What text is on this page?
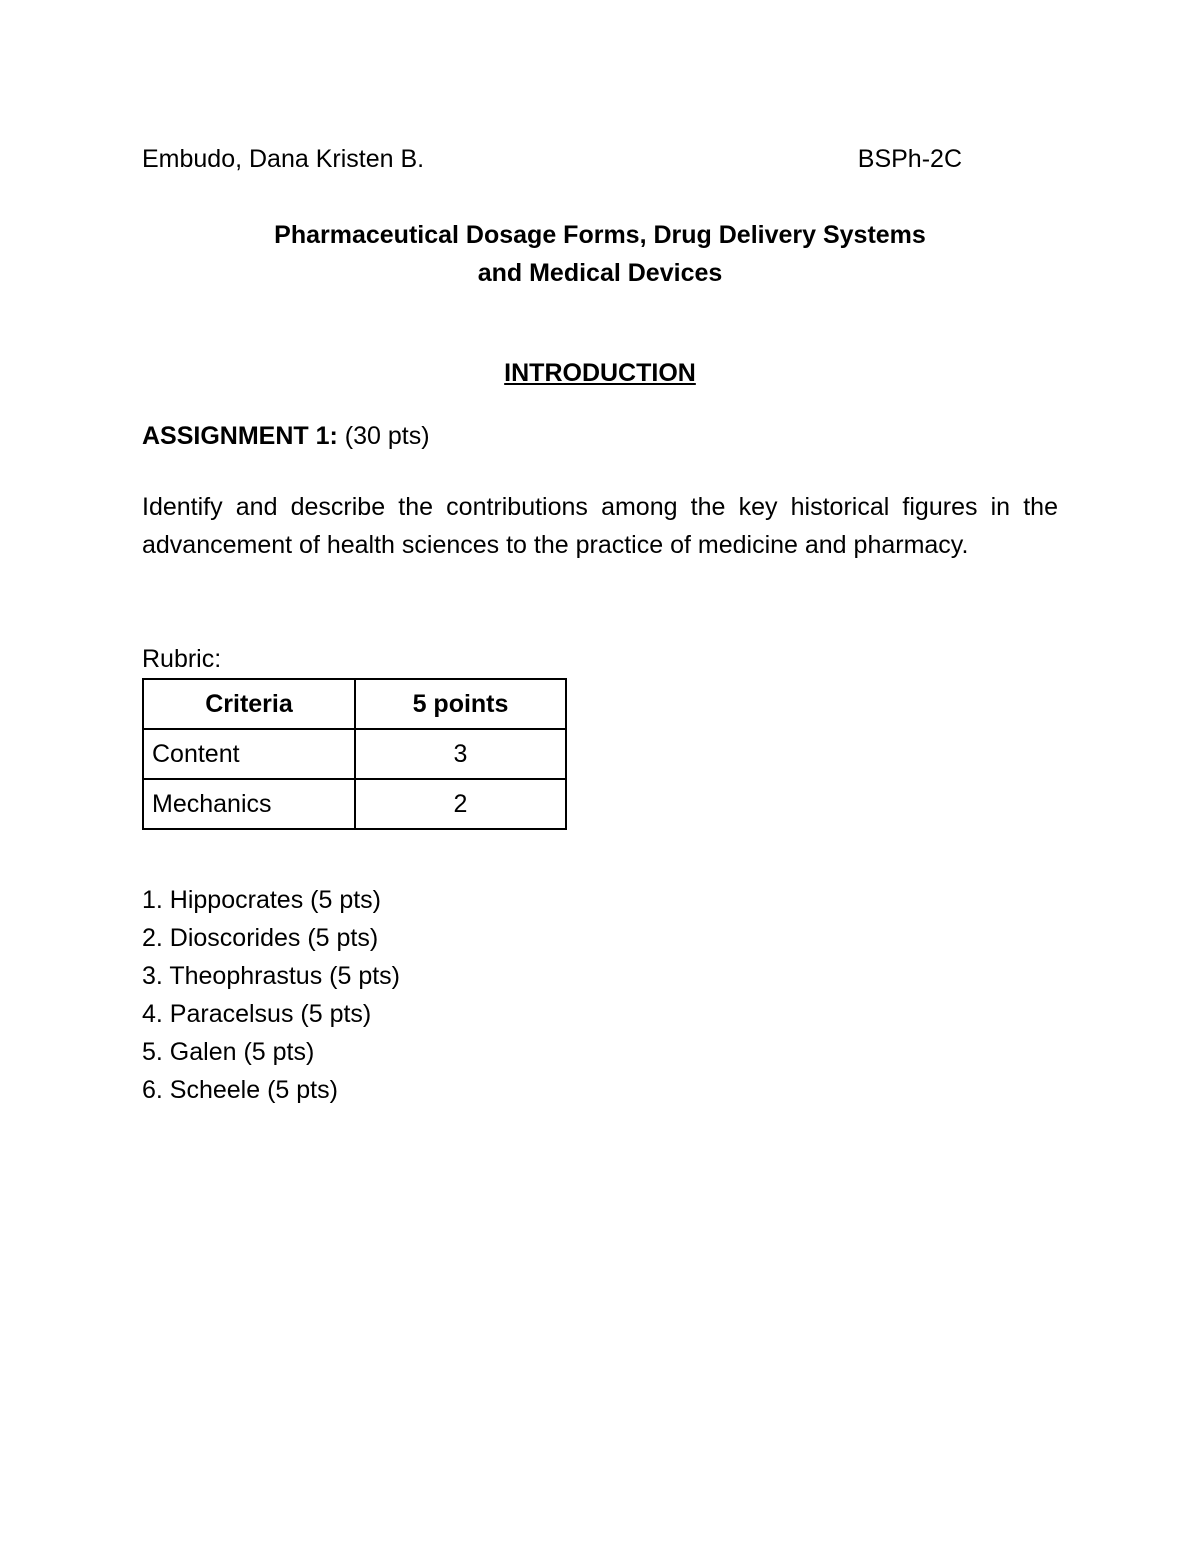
Embudo, Dana Kristen B.	BSPh-2C
Pharmaceutical Dosage Forms, Drug Delivery Systems
and Medical Devices
INTRODUCTION
ASSIGNMENT 1: (30 pts)
Identify and describe the contributions among the key historical figures in the advancement of health sciences to the practice of medicine and pharmacy.
Rubric:
Criteria	5 points
Content	3
Mechanics	2
1. Hippocrates (5 pts)
2. Dioscorides (5 pts)
3. Theophrastus (5 pts)
4. Paracelsus (5 pts)
5. Galen (5 pts)
6. Scheele (5 pts)
